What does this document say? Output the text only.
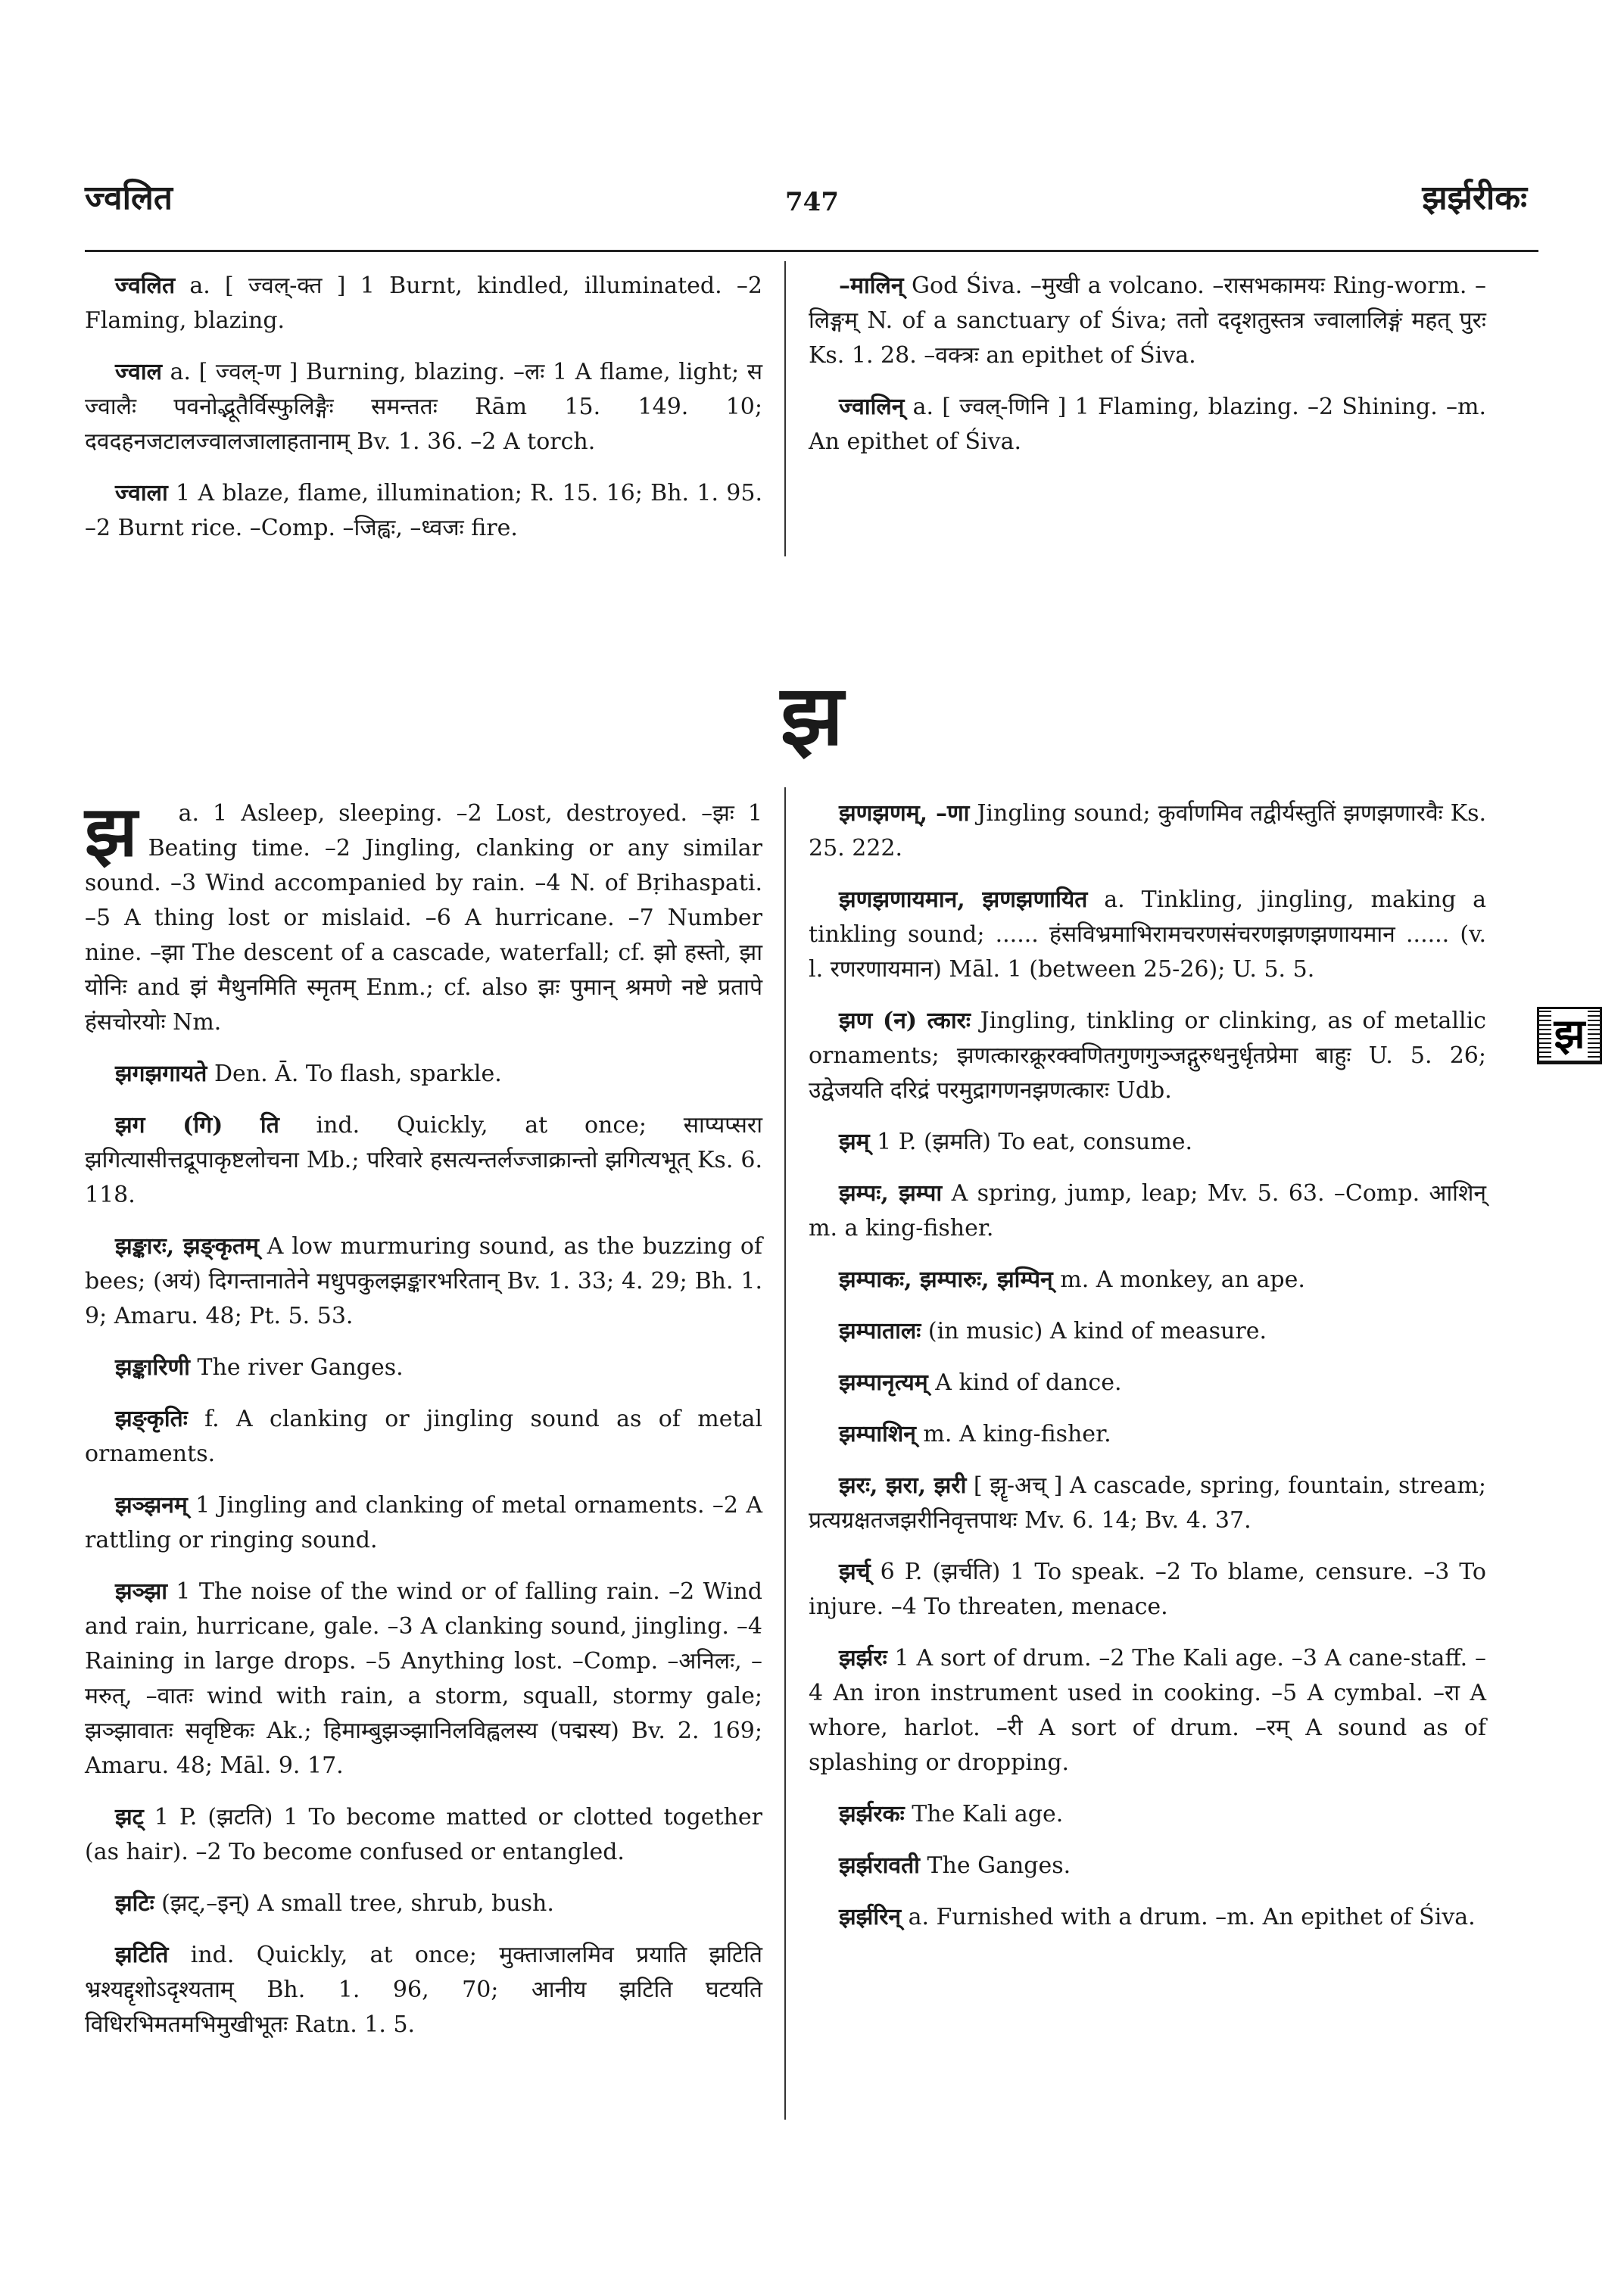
ज्वलित	747	झर्झरीकः

ज्वलित a. [ ज्वल्-क्त ] 1 Burnt, kindled, illuminated. –2 Flaming, blazing.

ज्वाल a. [ ज्वल्-ण ] Burning, blazing. –लः 1 A flame, light; स ज्वालैः पवनोद्भूतैर्विस्फुलिङ्गैः समन्ततः Rām 15. 149. 10; दवदहनजटालज्वालजालाहतानाम् Bv. 1. 36. –2 A torch.

ज्वाला 1 A blaze, flame, illumination; R. 15. 16; Bh. 1. 95. –2 Burnt rice. –Comp. –जिह्वः, –ध्वजः fire.

–मालिन् God Śiva. –मुखी a volcano. –रासभकामयः Ring-worm. –लिङ्गम् N. of a sanctuary of Śiva; ततो ददृशतुस्तत्र ज्वालालिङ्गं महत् पुरः Ks. 1. 28. –वक्त्रः an epithet of Śiva.

ज्वालिन् a. [ ज्वल्-णिनि ] 1 Flaming, blazing. –2 Shining. –m. An epithet of Śiva.

झ

झ a. 1 Asleep, sleeping. –2 Lost, destroyed. –झः 1 Beating time. –2 Jingling, clanking or any similar sound. –3 Wind accompanied by rain. –4 N. of Bṛihaspati. –5 A thing lost or mislaid. –6 A hurricane. –7 Number nine. –झा The descent of a cascade, waterfall; cf. झो हस्तो, झा योनिः and झं मैथुनमिति स्मृतम् Enm.; cf. also झः पुमान् श्रमणे नष्टे प्रतापे हंसचोरयोः Nm.

झगझगायते Den. Ā. To flash, sparkle.

झग (गि) ति ind. Quickly, at once; साप्यप्सरा झगित्यासीत्तद्रूपाकृष्टलोचना Mb.; परिवारे हसत्यन्तर्लज्जाक्रान्तो झगित्यभूत् Ks. 6. 118.

झङ्कारः, झङ्कृतम् A low murmuring sound, as the buzzing of bees; (अयं) दिगन्तानातेने मधुपकुलझङ्कारभरितान् Bv. 1. 33; 4. 29; Bh. 1. 9; Amaru. 48; Pt. 5. 53.

झङ्कारिणी The river Ganges.

झङ्कृतिः f. A clanking or jingling sound as of metal ornaments.

झञ्झनम् 1 Jingling and clanking of metal ornaments. –2 A rattling or ringing sound.

झञ्झा 1 The noise of the wind or of falling rain. –2 Wind and rain, hurricane, gale. –3 A clanking sound, jingling. –4 Raining in large drops. –5 Anything lost. –Comp. –अनिलः, –मरुत्, –वातः wind with rain, a storm, squall, stormy gale; झञ्झावातः सवृष्टिकः Ak.; हिमाम्बुझञ्झानिलविह्वलस्य (पद्मस्य) Bv. 2. 169; Amaru. 48; Māl. 9. 17.

झट् 1 P. (झटति) 1 To become matted or clotted together (as hair). –2 To become confused or entangled.

झटिः (झट्,–इन्) A small tree, shrub, bush.

झटिति ind. Quickly, at once; मुक्ताजालमिव प्रयाति झटिति भ्रश्यद्दृशोऽदृश्यताम् Bh. 1. 96, 70; आनीय झटिति घटयति विधिरभिमतमभिमुखीभूतः Ratn. 1. 5.

झणझणम्, –णा Jingling sound; कुर्वाणमिव तद्वीर्यस्तुतिं झणझणारवैः Ks. 25. 222.

झणझणायमान, झणझणायित a. Tinkling, jingling, making a tinkling sound; ...... हंसविभ्रमाभिरामचरणसंचरणझणझणायमान ...... (v. l. रणरणायमान) Māl. 1 (between 25-26); U. 5. 5.

झण (न) त्कारः Jingling, tinkling or clinking, as of metallic ornaments; झणत्कारक्रूरक्वणितगुणगुञ्जद्गुरुधनुर्धृतप्रेमा बाहुः U. 5. 26; उद्वेजयति दरिद्रं परमुद्रागणनझणत्कारः Udb.

झम् 1 P. (झमति) To eat, consume.

झम्पः, झम्पा A spring, jump, leap; Mv. 5. 63. –Comp. आशिन् m. a king-fisher.

झम्पाकः, झम्पारुः, झम्पिन् m. A monkey, an ape.

झम्पातालः (in music) A kind of measure.

झम्पानृत्यम् A kind of dance.

झम्पाशिन् m. A king-fisher.

झरः, झरा, झरी [ झॄ-अच् ] A cascade, spring, fountain, stream; प्रत्यग्रक्षतजझरीनिवृत्तपाथः Mv. 6. 14; Bv. 4. 37.

झर्च् 6 P. (झर्चति) 1 To speak. –2 To blame, censure. –3 To injure. –4 To threaten, menace.

झर्झरः 1 A sort of drum. –2 The Kali age. –3 A cane-staff. –4 An iron instrument used in cooking. –5 A cymbal. –रा A whore, harlot. –री A sort of drum. –रम् A sound as of splashing or dropping.

झर्झरकः The Kali age.

झर्झरावती The Ganges.

झर्झरिन् a. Furnished with a drum. –m. An epithet of Śiva.

झ
